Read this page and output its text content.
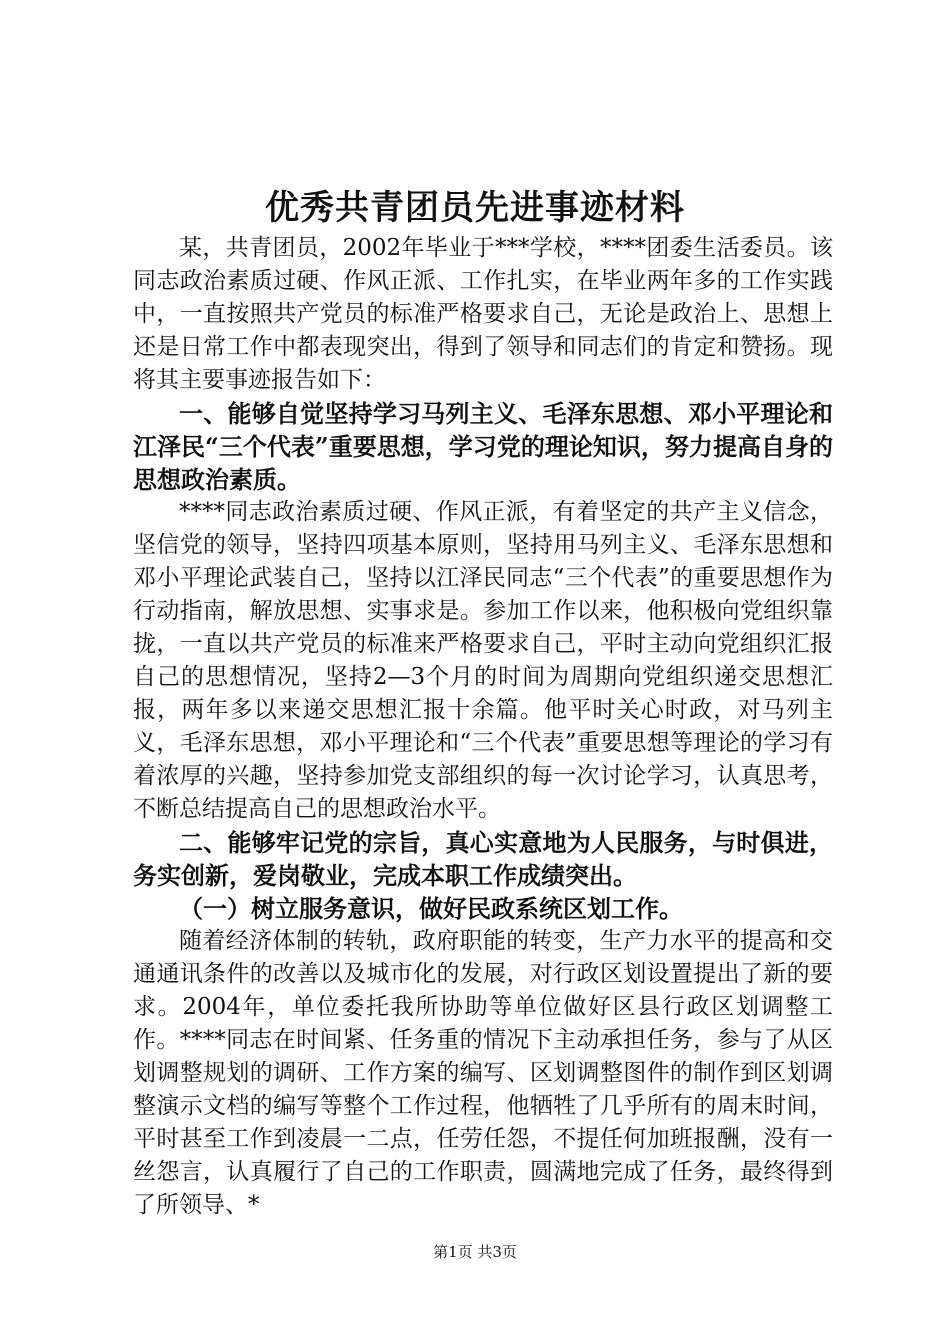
优秀共青团员先进事迹材料

某，共青团员，2002年毕业于***学校，****团委生活委员。该同志政治素质过硬、作风正派、工作扎实，在毕业两年多的工作实践中，一直按照共产党员的标准严格要求自己，无论是政治上、思想上还是日常工作中都表现突出，得到了领导和同志们的肯定和赞扬。现将其主要事迹报告如下：

一、能够自觉坚持学习马列主义、毛泽东思想、邓小平理论和江泽民“三个代表”重要思想，学习党的理论知识，努力提高自身的思想政治素质。

****同志政治素质过硬、作风正派，有着坚定的共产主义信念，坚信党的领导，坚持四项基本原则，坚持用马列主义、毛泽东思想和邓小平理论武装自己，坚持以江泽民同志“三个代表”的重要思想作为行动指南，解放思想、实事求是。参加工作以来，他积极向党组织靠拢，一直以共产党员的标准来严格要求自己，平时主动向党组织汇报自己的思想情况，坚持2—3个月的时间为周期向党组织递交思想汇报，两年多以来递交思想汇报十余篇。他平时关心时政，对马列主义，毛泽东思想，邓小平理论和“三个代表”重要思想等理论的学习有着浓厚的兴趣，坚持参加党支部组织的每一次讨论学习，认真思考，不断总结提高自己的思想政治水平。

二、能够牢记党的宗旨，真心实意地为人民服务，与时俱进，务实创新，爱岗敬业，完成本职工作成绩突出。

（一）树立服务意识，做好民政系统区划工作。

随着经济体制的转轨，政府职能的转变，生产力水平的提高和交通通讯条件的改善以及城市化的发展，对行政区划设置提出了新的要求。2004年，单位委托我所协助等单位做好区县行政区划调整工作。****同志在时间紧、任务重的情况下主动承担任务，参与了从区划调整规划的调研、工作方案的编写、区划调整图件的制作到区划调整演示文档的编写等整个工作过程，他牺牲了几乎所有的周末时间，平时甚至工作到凌晨一二点，任劳任怨，不提任何加班报酬，没有一丝怨言，认真履行了自己的工作职责，圆满地完成了任务，最终得到了所领导、*

第1页 共3页
